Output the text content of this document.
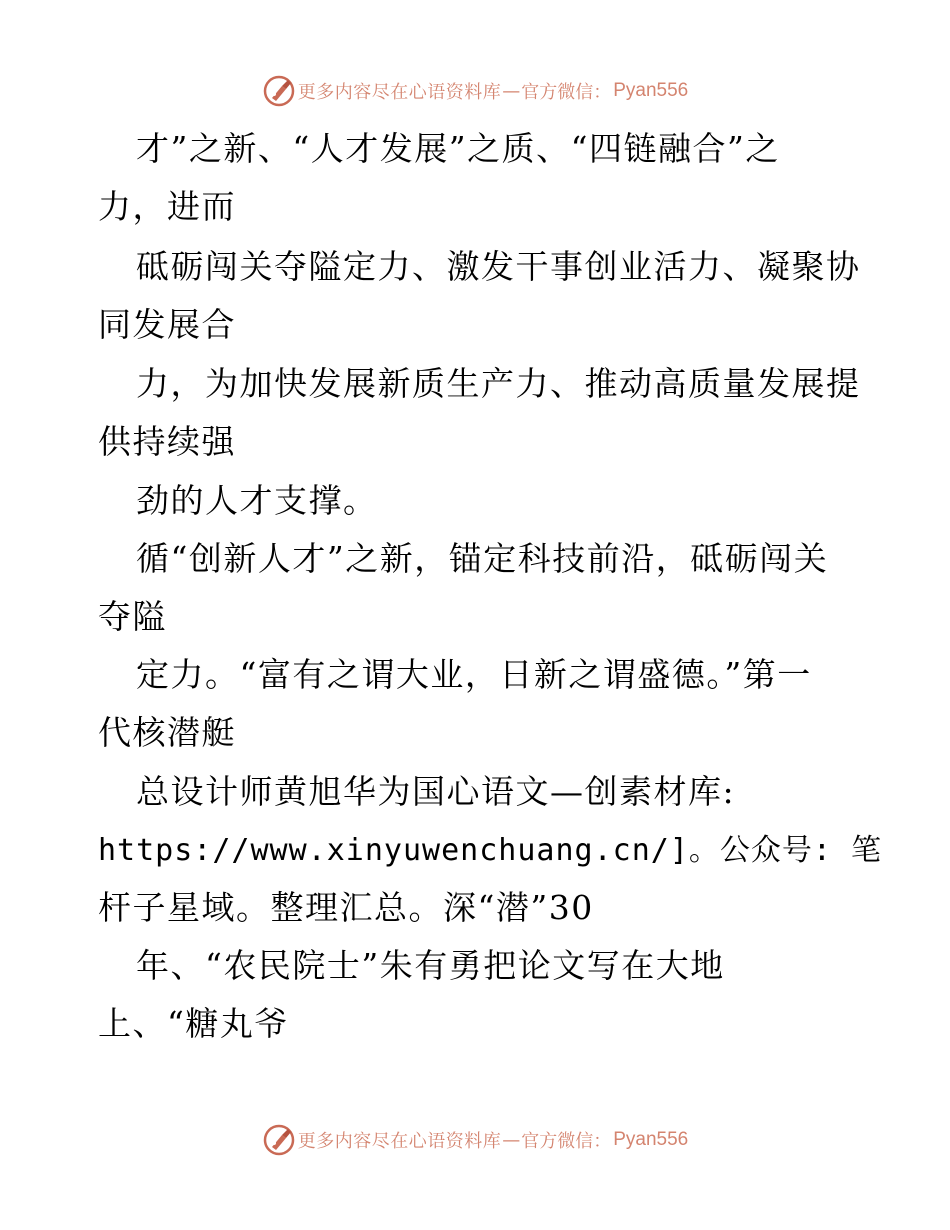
更多内容尽在心语资料库 — 官方微信： Pyan556
才”之新、“人才发展”之质、“四链融合”之
力，进而
砥砺闯关夺隘定力、激发干事创业活力、凝聚协
同发展合
力，为加快发展新质生产力、推动高质量发展提
供持续强
劲的人才支撑。
循“创新人才”之新，锚定科技前沿，砥砺闯关
夺隘
定力。“富有之谓大业，日新之谓盛德。”第一
代核潜艇
总设计师黄旭华为国心语文—创素材库:
https://www.xinyuwenchuang.cn/]。公众号: 笔
杆子星域。整理汇总。深“潜”30
年、“农民院士”朱有勇把论文写在大地
上、“糖丸爷
更多内容尽在心语资料库 — 官方微信： Pyan556
